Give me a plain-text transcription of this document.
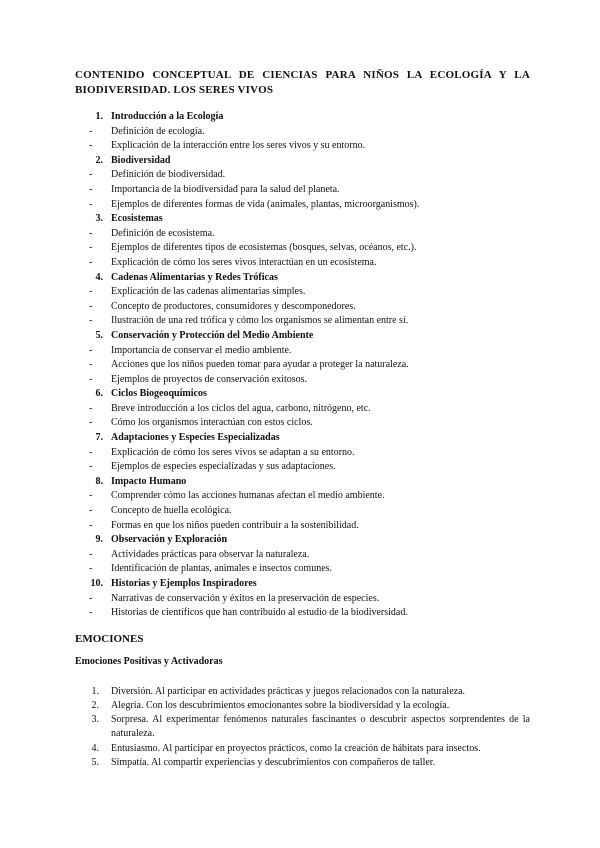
CONTENIDO CONCEPTUAL DE CIENCIAS PARA NIÑOS LA ECOLOGÍA Y LA BIODIVERSIDAD. LOS SERES VIVOS

1. Introducción a la Ecología
-	Definición de ecología.
-	Explicación de la interacción entre los seres vivos y su entorno.
2. Biodiversidad
-	Definición de biodiversidad.
-	Importancia de la biodiversidad para la salud del planeta.
-	Ejemplos de diferentes formas de vida (animales, plantas, microorganismos).
3. Ecosistemas
-	Definición de ecosistema.
-	Ejemplos de diferentes tipos de ecosistemas (bosques, selvas, océanos, etc.).
-	Explicación de cómo los seres vivos interactúan en un ecosistema.
4. Cadenas Alimentarias y Redes Tróficas
-	Explicación de las cadenas alimentarias simples.
-	Concepto de productores, consumidores y descomponedores.
-	Ilustración de una red trófica y cómo los organismos se alimentan entre sí.
5. Conservación y Protección del Medio Ambiente
-	Importancia de conservar el medio ambiente.
-	Acciones que los niños pueden tomar para ayudar a proteger la naturaleza.
-	Ejemplos de proyectos de conservación exitosos.
6. Ciclos Biogeoquímicos
-	Breve introducción a los ciclos del agua, carbono, nitrógeno, etc.
-	Cómo los organismos interactúan con estos ciclos.
7. Adaptaciones y Especies Especializadas
-	Explicación de cómo los seres vivos se adaptan a su entorno.
-	Ejemplos de especies especializadas y sus adaptaciones.
8. Impacto Humano
-	Comprender cómo las acciones humanas afectan el medio ambiente.
-	Concepto de huella ecológica.
-	Formas en que los niños pueden contribuir a la sostenibilidad.
9. Observación y Exploración
-	Actividades prácticas para observar la naturaleza.
-	Identificación de plantas, animales e insectos comunes.
10. Historias y Ejemplos Inspiradores
-	Narrativas de conservación y éxitos en la preservación de especies.
-	Historias de científicos que han contribuido al estudio de la biodiversidad.
EMOCIONES
Emociones Positivas y Activadoras
1.	Diversión. Al participar en actividades prácticas y juegos relacionados con la naturaleza.
2.	Alegría. Con los descubrimientos emocionantes sobre la biodiversidad y la ecología.
3.	Sorpresa. Al experimentar fenómenos naturales fascinantes o descubrir aspectos sorprendentes de la naturaleza.
4.	Entusiasmo. Al participar en proyectos prácticos, como la creación de hábitats para insectos.
5.	Simpatía. Al compartir experiencias y descubrimientos con compañeros de taller.
